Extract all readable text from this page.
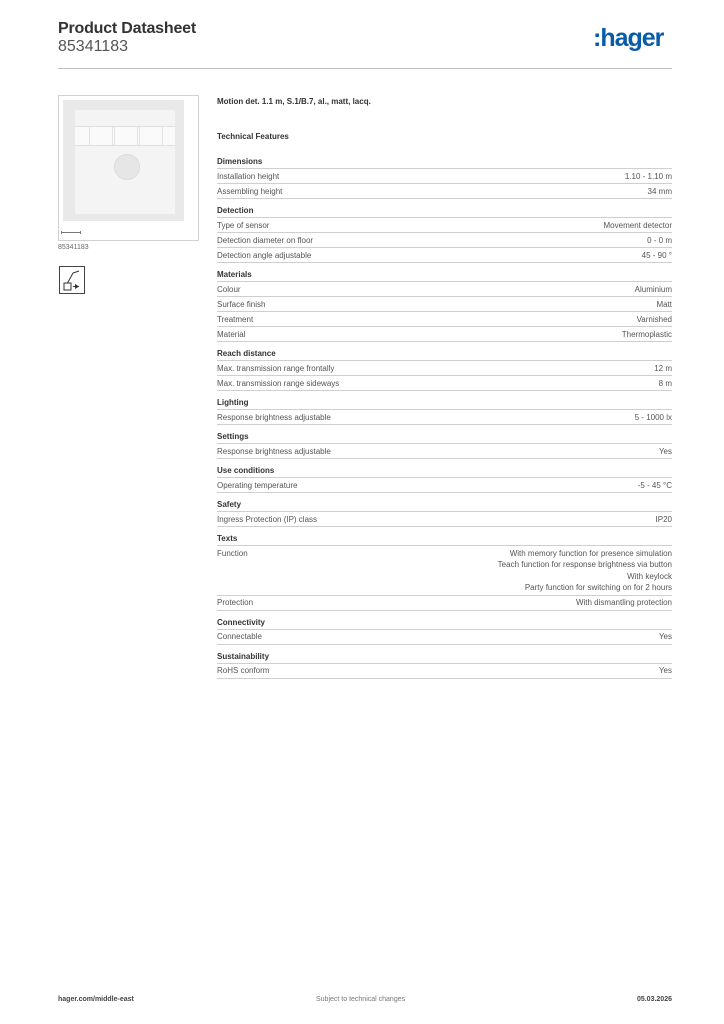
Product Datasheet
85341183	:hager
85341183
Motion det. 1.1 m, S.1/B.7, al., matt, lacq.
Technical Features
Dimensions
Installation height	1.10 - 1.10 m
Assembling height	34 mm
Detection
Type of sensor	Movement detector
Detection diameter on floor	0 - 0 m
Detection angle adjustable	45 - 90 °
Materials
Colour	Aluminium
Surface finish	Matt
Treatment	Varnished
Material	Thermoplastic
Reach distance
Max. transmission range frontally	12 m
Max. transmission range sideways	8 m
Lighting
Response brightness adjustable	5 - 1000 lx
Settings
Response brightness adjustable	Yes
Use conditions
Operating temperature	-5 - 45 °C
Safety
Ingress Protection (IP) class	IP20
Texts
Function	With memory function for presence simulation
Teach function for response brightness via button
With keylock
Party function for switching on for 2 hours
Protection	With dismantling protection
Connectivity
Connectable	Yes
Sustainability
RoHS conform	Yes
hager.com/middle-east	Subject to technical changes	05.03.2026
